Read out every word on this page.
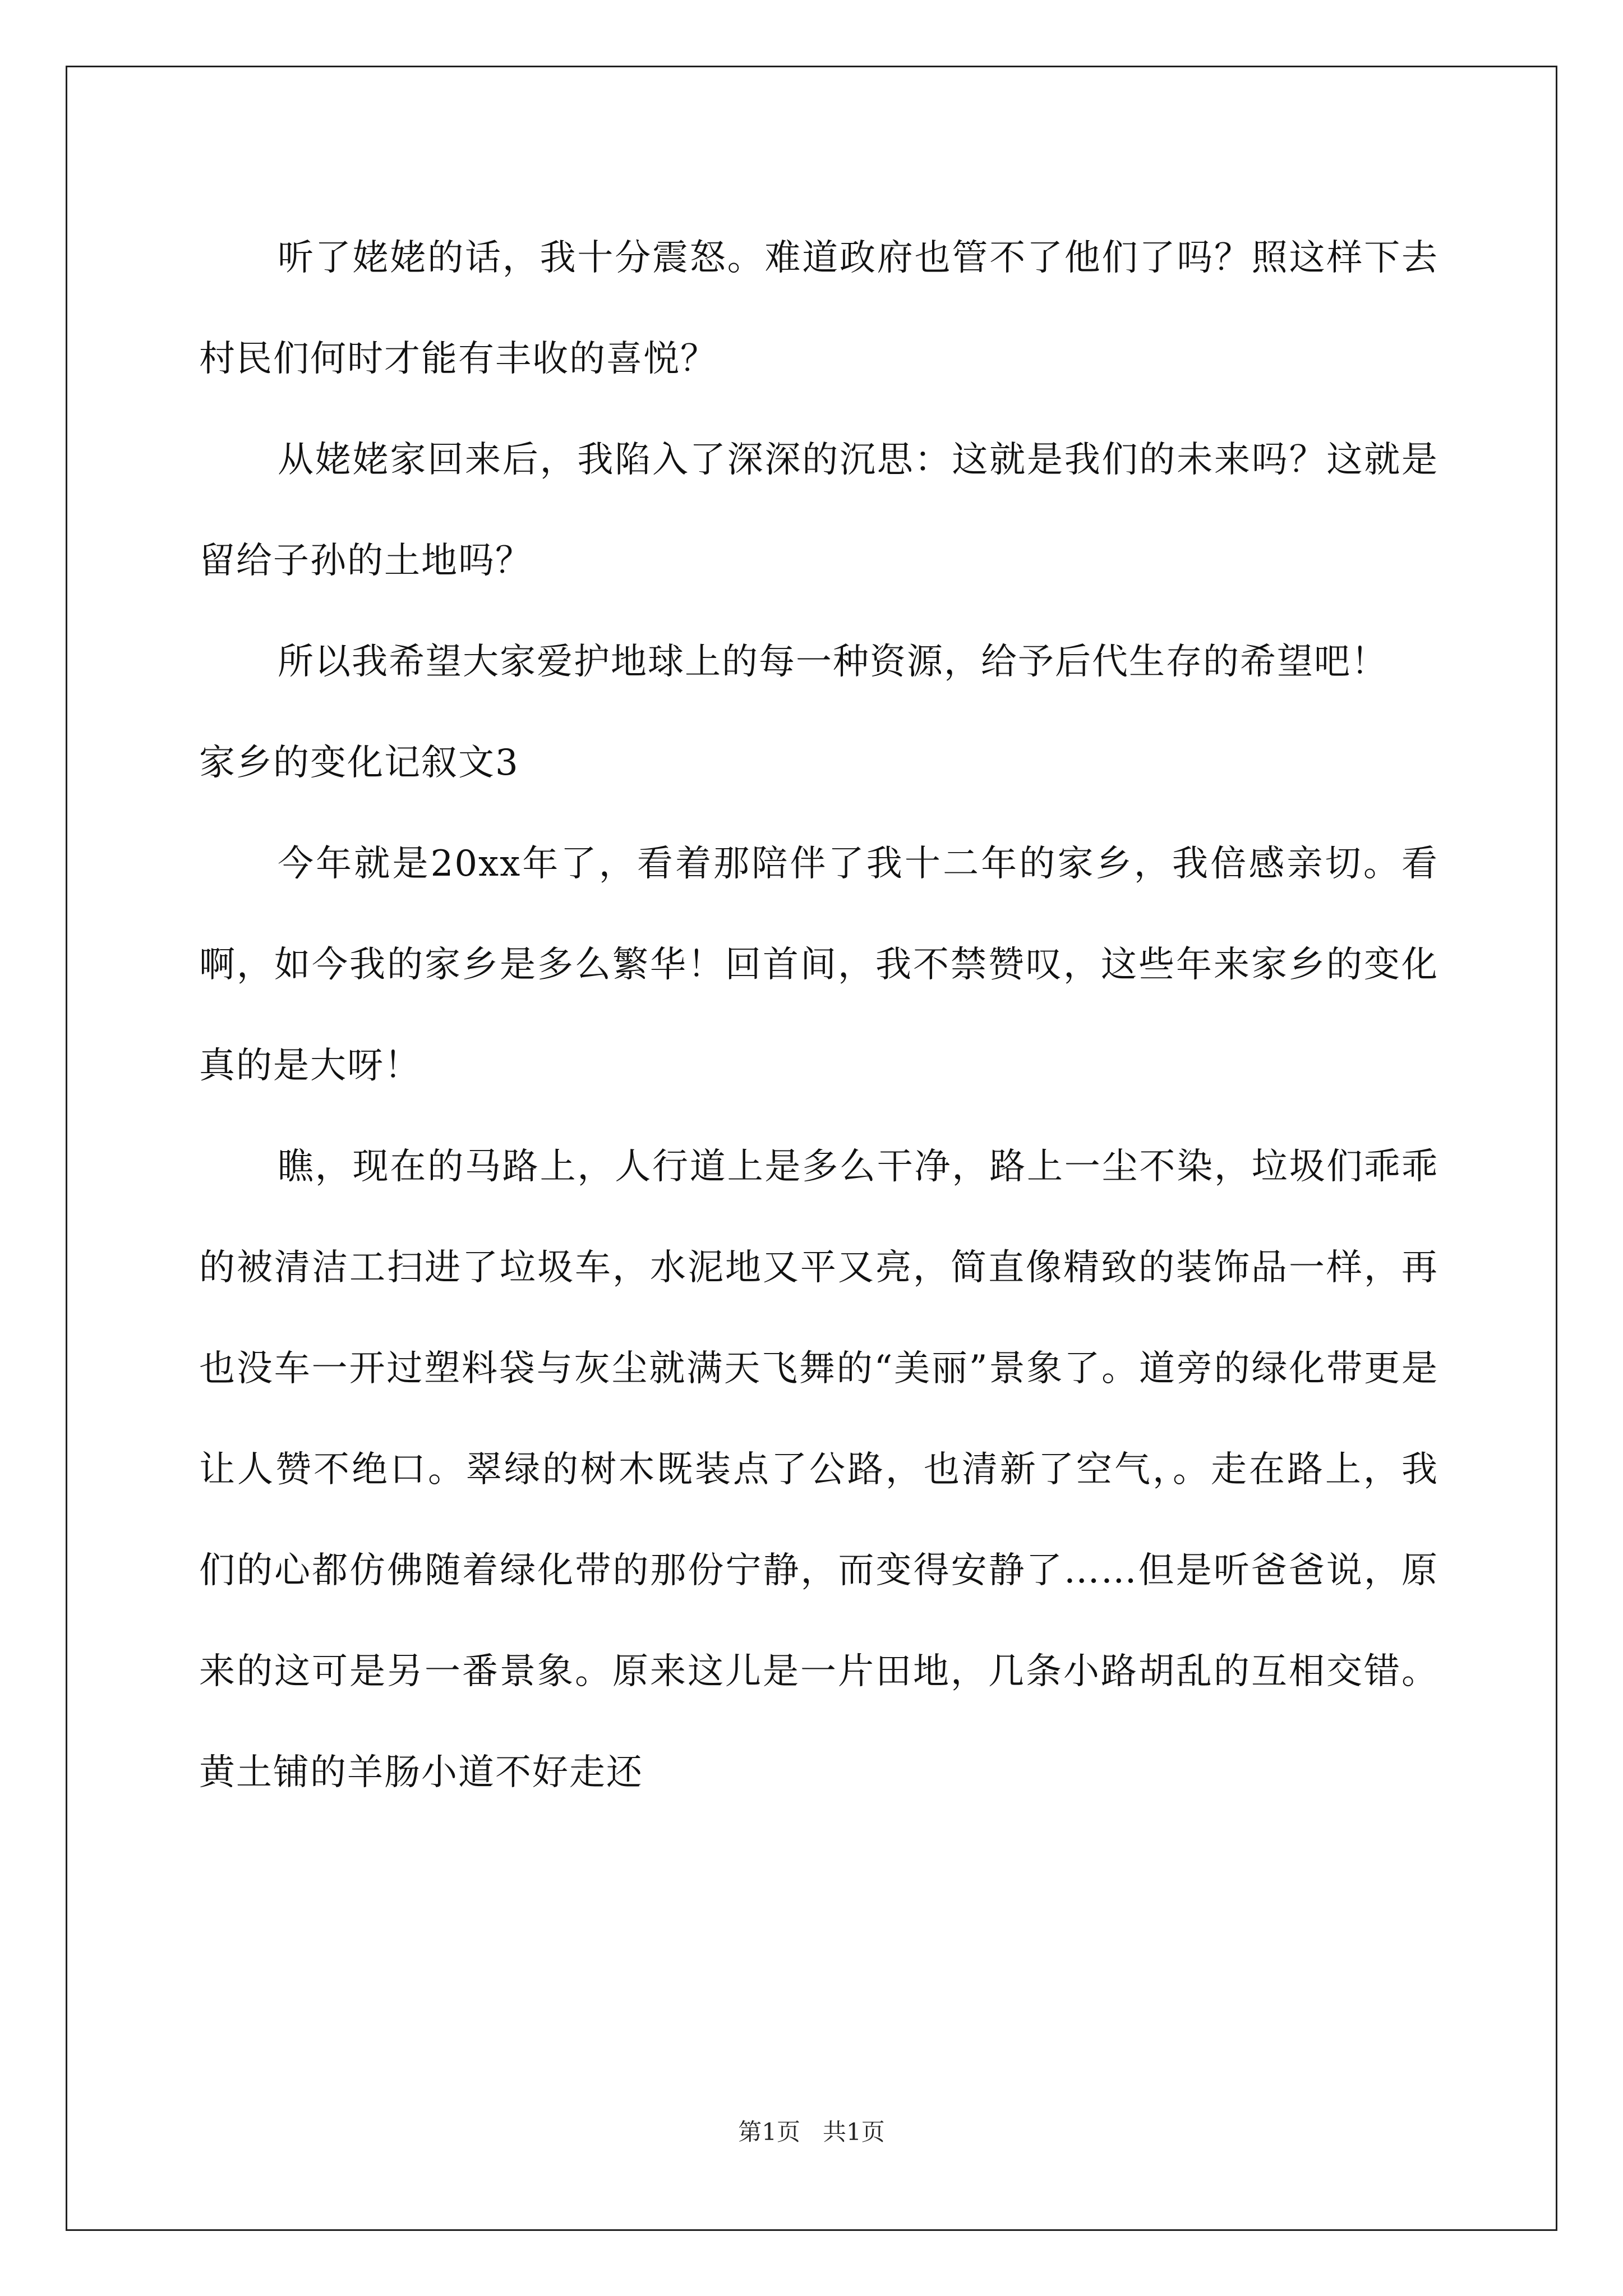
听了姥姥的话，我十分震怒。难道政府也管不了他们了吗？照这样下去村民们何时才能有丰收的喜悦？

从姥姥家回来后，我陷入了深深的沉思：这就是我们的未来吗？这就是留给子孙的土地吗？

所以我希望大家爱护地球上的每一种资源，给予后代生存的希望吧！

家乡的变化记叙文3

今年就是20xx年了，看着那陪伴了我十二年的家乡，我倍感亲切。看啊，如今我的家乡是多么繁华！回首间，我不禁赞叹，这些年来家乡的变化真的是大呀！

瞧，现在的马路上，人行道上是多么干净，路上一尘不染，垃圾们乖乖的被清洁工扫进了垃圾车，水泥地又平又亮，简直像精致的装饰品一样，再也没车一开过塑料袋与灰尘就满天飞舞的“美丽”景象了。道旁的绿化带更是让人赞不绝口。翠绿的树木既装点了公路，也清新了空气，。走在路上，我们的心都仿佛随着绿化带的那份宁静，而变得安静了……但是听爸爸说，原来的这可是另一番景象。原来这儿是一片田地，几条小路胡乱的互相交错。黄土铺的羊肠小道不好走还

第1页 共1页
